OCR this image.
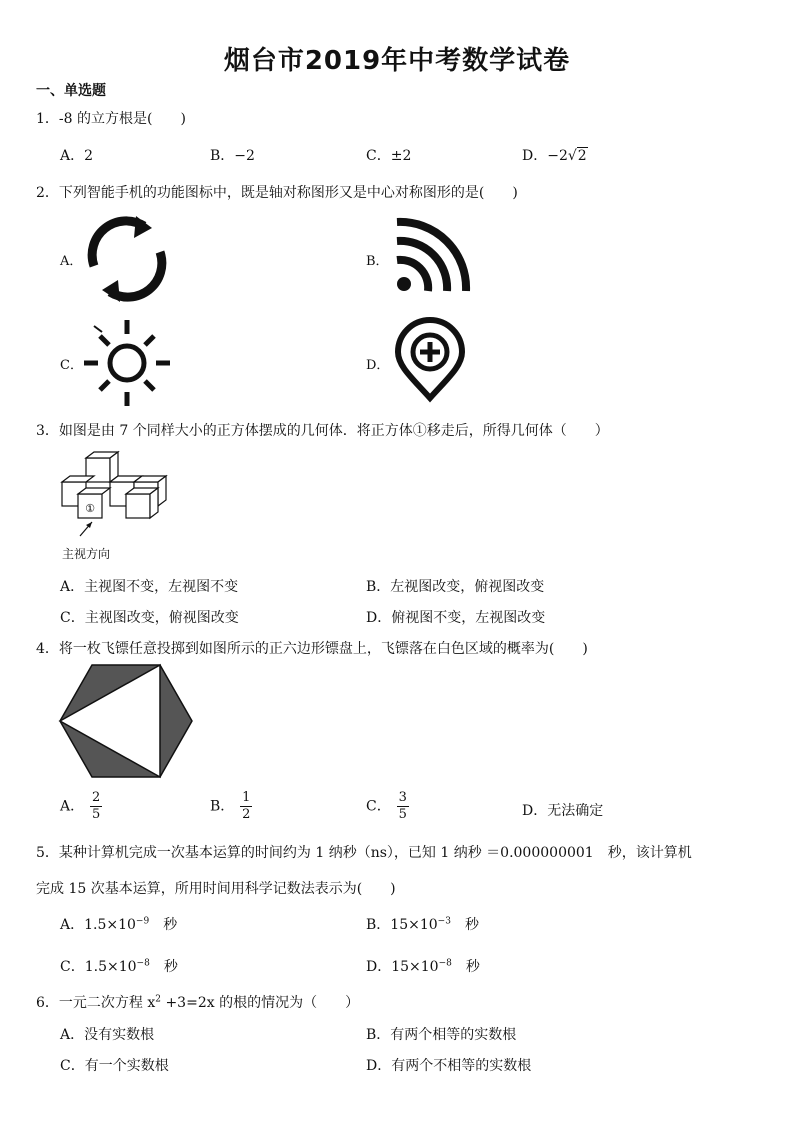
烟台市2019年中考数学试卷
一、单选题
1．-8 的立方根是(　　)
A．2	B．−2	C．±2	D．−2√2
2．下列智能手机的功能图标中，既是轴对称图形又是中心对称图形的是(　　)
A．	B．
C．	D．
3．如图是由 7 个同样大小的正方体摆成的几何体．将正方体①移走后，所得几何体（　　）
①
主视方向
A．主视图不变，左视图不变	B．左视图改变，俯视图改变
C．主视图改变，俯视图改变	D．俯视图不变，左视图改变
4．将一枚飞镖任意投掷到如图所示的正六边形镖盘上，飞镖落在白色区域的概率为(　　)
A． $\frac{2}{5}$	B． $\frac{1}{2}$	C． $\frac{3}{5}$	D．无法确定
5．某种计算机完成一次基本运算的时间约为 1 纳秒（ns），已知 1 纳秒 ＝0.000000001　秒，该计算机
完成 15 次基本运算，所用时间用科学记数法表示为(　　)
A．$1.5\times 10^{-9}$　 秒	B．$15\times 10^{-3}$　 秒
C．$1.5\times 10^{-8}$　 秒	D．$15\times 10^{-8}$　 秒
6．一元二次方程 $x^2 +3=2x$ 的根的情况为（　　）
A．没有实数根	B．有两个相等的实数根
C．有一个实数根	D．有两个不相等的实数根
